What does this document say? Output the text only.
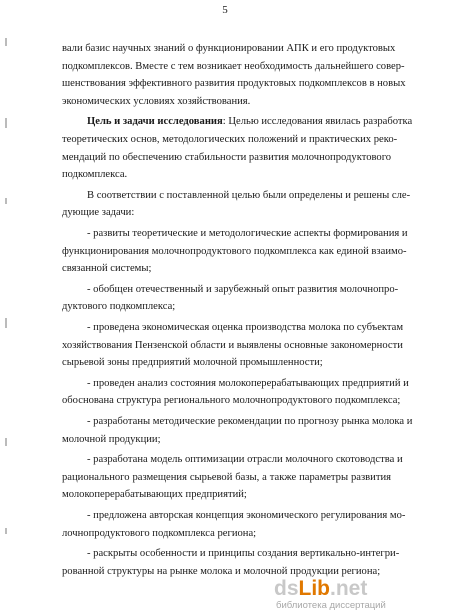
5
вали базис научных знаний о функционировании АПК и его продуктовых
подкомплексов. Вместе с тем возникает необходимость дальнейшего совер-
шенствования эффективного развития продуктовых подкомплексов в новых
экономических условиях хозяйствования.
Цель и задачи исследования: Целью исследования явилась разработка
теоретических основ, методологических положений и практических реко-
мендаций по обеспечению стабильности развития молочнопродуктового
подкомплекса.
В соответствии с поставленной целью были определены и решены сле-
дующие задачи:
- развиты теоретические и методологические аспекты формирования и
функционирования молочнопродуктового подкомплекса как единой взаимо-
связанной системы;
- обобщен отечественный и зарубежный опыт развития молочнопро-
дуктового подкомплекса;
- проведена экономическая оценка производства молока по субъектам
хозяйствования Пензенской области и выявлены основные закономерности
сырьевой зоны предприятий молочной промышленности;
- проведен анализ состояния молокоперерабатывающих предприятий и
обоснована структура регионального молочнопродуктового подкомплекса;
- разработаны методические рекомендации по прогнозу рынка молока и
молочной продукции;
- разработана модель оптимизации отрасли молочного скотоводства и
рационального размещения сырьевой базы, а также параметры развития
молокоперерабатывающих предприятий;
- предложена авторская концепция экономического регулирования мо-
лочнопродуктового подкомплекса региона;
- раскрыты особенности и принципы создания вертикально-интегри-
рованной структуры на рынке молока и молочной продукции региона;
dsLib.net
библиотека диссертаций
